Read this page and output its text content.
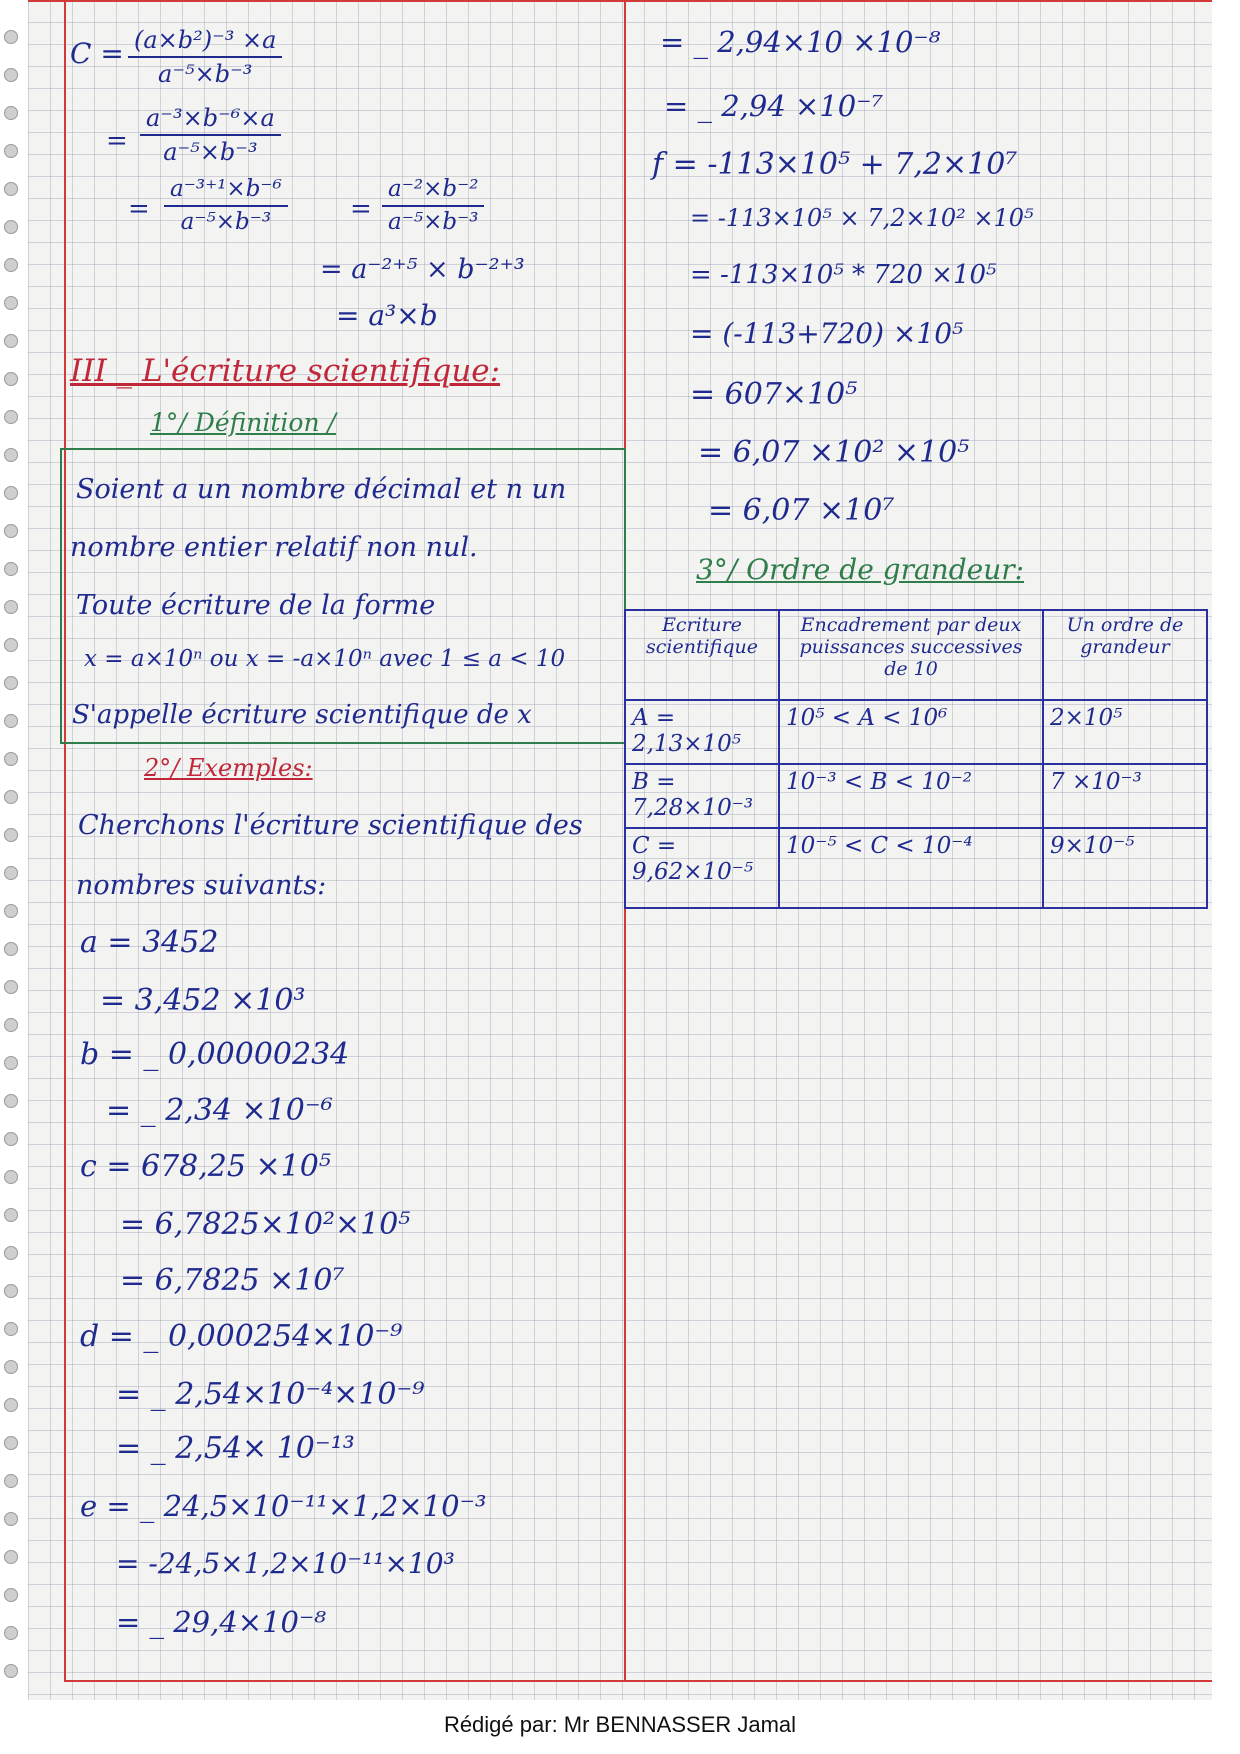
$C = \frac{\text{(a×b²)⁻³ ×a}}{\text{a⁻⁵×b⁻³}}$
= $\frac{\text{a⁻³×b⁻⁶×a}}{\text{a⁻⁵×b⁻³}}$
= $\frac{\text{a⁻³⁺¹×b⁻⁶}}{\text{a⁻⁵×b⁻³}} = \frac{\text{a⁻²×b⁻²}}{\text{a⁻⁵×b⁻³}}$
= a⁻²⁺⁵ × b⁻²⁺³
= a³×b
III _ L'écriture scientifique:
1°/ Définition /
Soient a un nombre décimal et n un
nombre entier relatif non nul.
Toute écriture de la forme
x = a×10ⁿ ou x = -a×10ⁿ avec 1 ≤ a < 10
S'appelle écriture scientifique de x
2°/ Exemples:
Cherchons l'écriture scientifique des
nombres suivants:
a = 3452
= 3,452 ×10³
b = _ 0,00000234
= _ 2,34 ×10⁻⁶
c = 678,25 ×10⁵
= 6,7825×10²×10⁵
= 6,7825 ×10⁷
d = _ 0,000254×10⁻⁹
= _ 2,54×10⁻⁴×10⁻⁹
= _ 2,54× 10⁻¹³
e = _ 24,5×10⁻¹¹×1,2×10⁻³
= -24,5×1,2×10⁻¹¹×10³
= _ 29,4×10⁻⁸
= _ 2,94×10 ×10⁻⁸
= _ 2,94 ×10⁻⁷
f = -113×10⁵ + 7,2×10⁷
= -113×10⁵ × 7,2×10² ×10⁵
= -113×10⁵ * 720 ×10⁵
= (-113+720) ×10⁵
= 607×10⁵
= 6,07 ×10² ×10⁵
= 6,07 ×10⁷
3°/ Ordre de grandeur:
Ecriture scientifique	Encadrement par deux puissances successives de 10	Un ordre de grandeur
A = 2,13×10⁵	10⁵ < A < 10⁶	2×10⁵
B = 7,28×10⁻³	10⁻³ < B < 10⁻²	7 ×10⁻³
C = 9,62×10⁻⁵	10⁻⁵ < C < 10⁻⁴	9×10⁻⁵
Rédigé par: Mr BENNASSER Jamal
